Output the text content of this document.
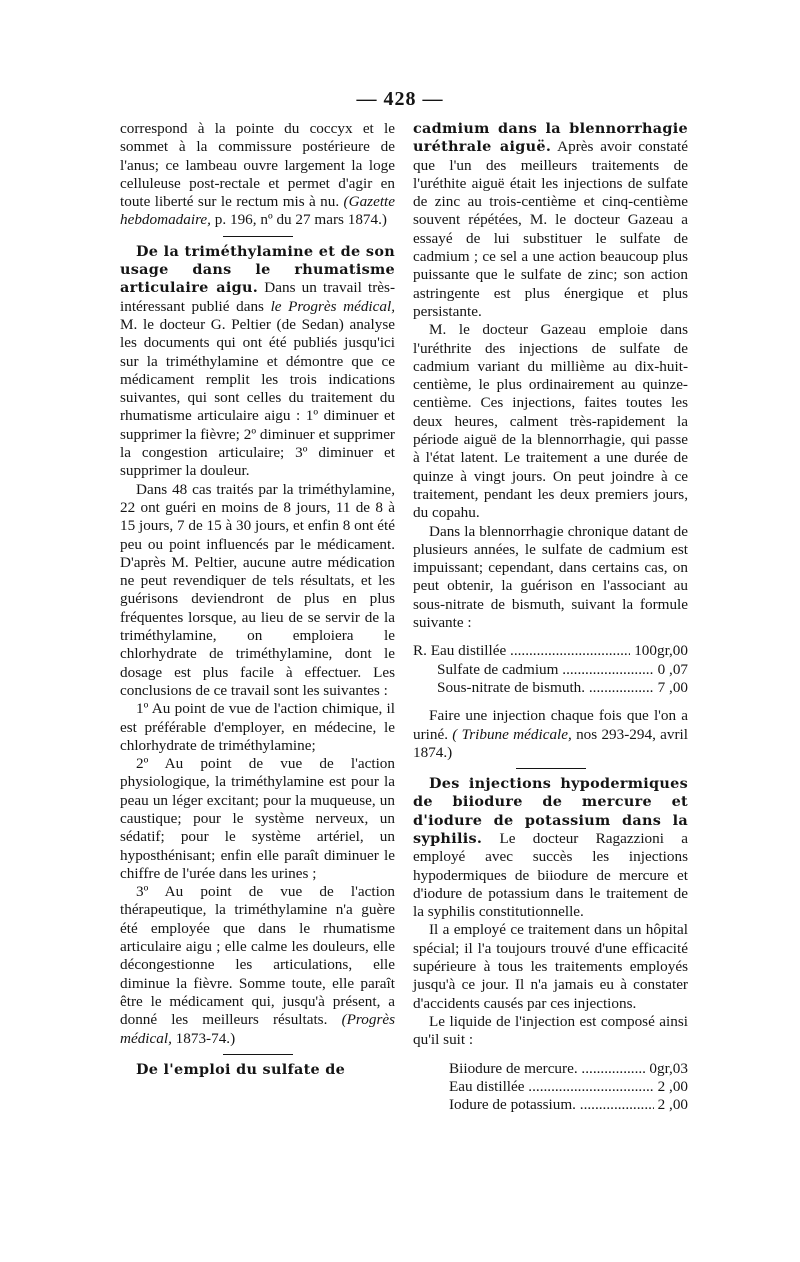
— 428 —

correspond à la pointe du coccyx et le sommet à la commissure postérieure de l'anus; ce lambeau ouvre largement la loge celluleuse post-rectale et permet d'agir en toute liberté sur le rectum mis à nu. (Gazette hebdomadaire, p. 196, nº du 27 mars 1874.)

De la triméthylamine et de son usage dans le rhumatisme articulaire aigu. Dans un travail très-intéressant publié dans le Progrès médical, M. le docteur G. Peltier (de Sedan) analyse les documents qui ont été publiés jusqu'ici sur la triméthylamine et démontre que ce médicament remplit les trois indications suivantes, qui sont celles du traitement du rhumatisme articulaire aigu : 1º diminuer et supprimer la fièvre; 2º diminuer et supprimer la congestion articulaire; 3º diminuer et supprimer la douleur.

Dans 48 cas traités par la triméthylamine, 22 ont guéri en moins de 8 jours, 11 de 8 à 15 jours, 7 de 15 à 30 jours, et enfin 8 ont été peu ou point influencés par le médicament. D'après M. Peltier, aucune autre médication ne peut revendiquer de tels résultats, et les guérisons deviendront de plus en plus fréquentes lorsque, au lieu de se servir de la triméthylamine, on emploiera le chlorhydrate de triméthylamine, dont le dosage est plus facile à effectuer. Les conclusions de ce travail sont les suivantes :

1º Au point de vue de l'action chimique, il est préférable d'employer, en médecine, le chlorhydrate de triméthylamine;

2º Au point de vue de l'action physiologique, la triméthylamine est pour la peau un léger excitant; pour la muqueuse, un caustique; pour le système nerveux, un sédatif; pour le système artériel, un hyposthénisant; enfin elle paraît diminuer le chiffre de l'urée dans les urines ;

3º Au point de vue de l'action thérapeutique, la triméthylamine n'a guère été employée que dans le rhumatisme articulaire aigu ; elle calme les douleurs, elle décongestionne les articulations, elle diminue la fièvre. Somme toute, elle paraît être le médicament qui, jusqu'à présent, a donné les meilleurs résultats. (Progrès médical, 1873-74.)

De l'emploi du sulfate de

cadmium dans la blennorrhagie uréthrale aiguë. Après avoir constaté que l'un des meilleurs traitements de l'uréthite aiguë était les injections de sulfate de zinc au trois-centième et cinq-centième souvent répétées, M. le docteur Gazeau a essayé de lui substituer le sulfate de cadmium ; ce sel a une action beaucoup plus puissante que le sulfate de zinc; son action astringente est plus énergique et plus persistante.

M. le docteur Gazeau emploie dans l'uréthrite des injections de sulfate de cadmium variant du millième au dix-huit-centième, le plus ordinairement au quinze-centième. Ces injections, faites toutes les deux heures, calment très-rapidement la période aiguë de la blennorrhagie, qui passe à l'état latent. Le traitement a une durée de quinze à vingt jours. On peut joindre à ce traitement, pendant les deux premiers jours, du copahu.

Dans la blennorrhagie chronique datant de plusieurs années, le sulfate de cadmium est impuissant; cependant, dans certains cas, on peut obtenir, la guérison en l'associant au sous-nitrate de bismuth, suivant la formule suivante :

R. Eau distillée .....	100gr,00
Sulfate de cadmium .....	0 ,07
Sous-nitrate de bismuth. .....	7 ,00

Faire une injection chaque fois que l'on a uriné. ( Tribune médicale, nos 293-294, avril 1874.)

Des injections hypodermiques de biiodure de mercure et d'iodure de potassium dans la syphilis. Le docteur Ragazzioni a employé avec succès les injections hypodermiques de biiodure de mercure et d'iodure de potassium dans le traitement de la syphilis constitutionnelle.

Il a employé ce traitement dans un hôpital spécial; il l'a toujours trouvé d'une efficacité supérieure à tous les traitements employés jusqu'à ce jour. Il n'a jamais eu à constater d'accidents causés par ces injections.

Le liquide de l'injection est composé ainsi qu'il suit :

Biiodure de mercure. .....	0gr,03
Eau distillée .....	2 ,00
Iodure de potassium. .....	2 ,00
